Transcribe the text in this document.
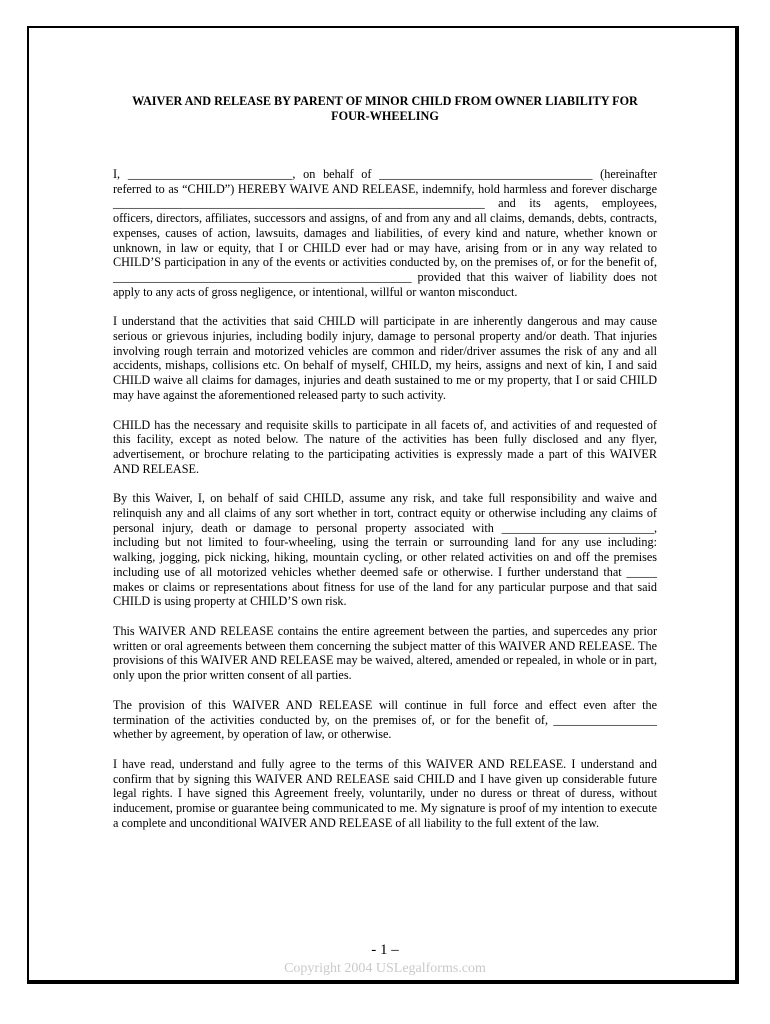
WAIVER AND RELEASE BY PARENT OF MINOR CHILD FROM OWNER LIABILITY FOR
FOUR-WHEELING

I, ___________________________, on behalf of ___________________________________ (hereinafter referred to as “CHILD”) HEREBY WAIVE AND RELEASE, indemnify, hold harmless and forever discharge _____________________________________________________________ and its agents, employees, officers, directors, affiliates, successors and assigns, of and from any and all claims, demands, debts, contracts, expenses, causes of action, lawsuits, damages and liabilities, of every kind and nature, whether known or unknown, in law or equity, that I or CHILD ever had or may have, arising from or in any way related to CHILD’S participation in any of the events or activities conducted by, on the premises of, or for the benefit of, _________________________________________________ provided that this waiver of liability does not apply to any acts of gross negligence, or intentional, willful or wanton misconduct.

I understand that the activities that said CHILD will participate in are inherently dangerous and may cause serious or grievous injuries, including bodily injury, damage to personal property and/or death. That injuries involving rough terrain and motorized vehicles are common and rider/driver assumes the risk of any and all accidents, mishaps, collisions etc. On behalf of myself, CHILD, my heirs, assigns and next of kin, I and said CHILD waive all claims for damages, injuries and death sustained to me or my property, that I or said CHILD may have against the aforementioned released party to such activity.

CHILD has the necessary and requisite skills to participate in all facets of, and activities of and requested of this facility, except as noted below. The nature of the activities has been fully disclosed and any flyer, advertisement, or brochure relating to the participating activities is expressly made a part of this WAIVER AND RELEASE.

By this Waiver, I, on behalf of said CHILD, assume any risk, and take full responsibility and waive and relinquish any and all claims of any sort whether in tort, contract equity or otherwise including any claims of personal injury, death or damage to personal property associated with _________________________, including but not limited to four-wheeling, using the terrain or surrounding land for any use including: walking, jogging, pick nicking, hiking, mountain cycling, or other related activities on and off the premises including use of all motorized vehicles whether deemed safe or otherwise. I further understand that _____ makes or claims or representations about fitness for use of the land for any particular purpose and that said CHILD is using property at CHILD’S own risk.

This WAIVER AND RELEASE contains the entire agreement between the parties, and supercedes any prior written or oral agreements between them concerning the subject matter of this WAIVER AND RELEASE. The provisions of this WAIVER AND RELEASE may be waived, altered, amended or repealed, in whole or in part, only upon the prior written consent of all parties.

The provision of this WAIVER AND RELEASE will continue in full force and effect even after the termination of the activities conducted by, on the premises of, or for the benefit of, _________________ whether by agreement, by operation of law, or otherwise.

I have read, understand and fully agree to the terms of this WAIVER AND RELEASE. I understand and confirm that by signing this WAIVER AND RELEASE said CHILD and I have given up considerable future legal rights. I have signed this Agreement freely, voluntarily, under no duress or threat of duress, without inducement, promise or guarantee being communicated to me. My signature is proof of my intention to execute a complete and unconditional WAIVER AND RELEASE of all liability to the full extent of the law.

- 1 –
Copyright 2004 USLegalforms.com
